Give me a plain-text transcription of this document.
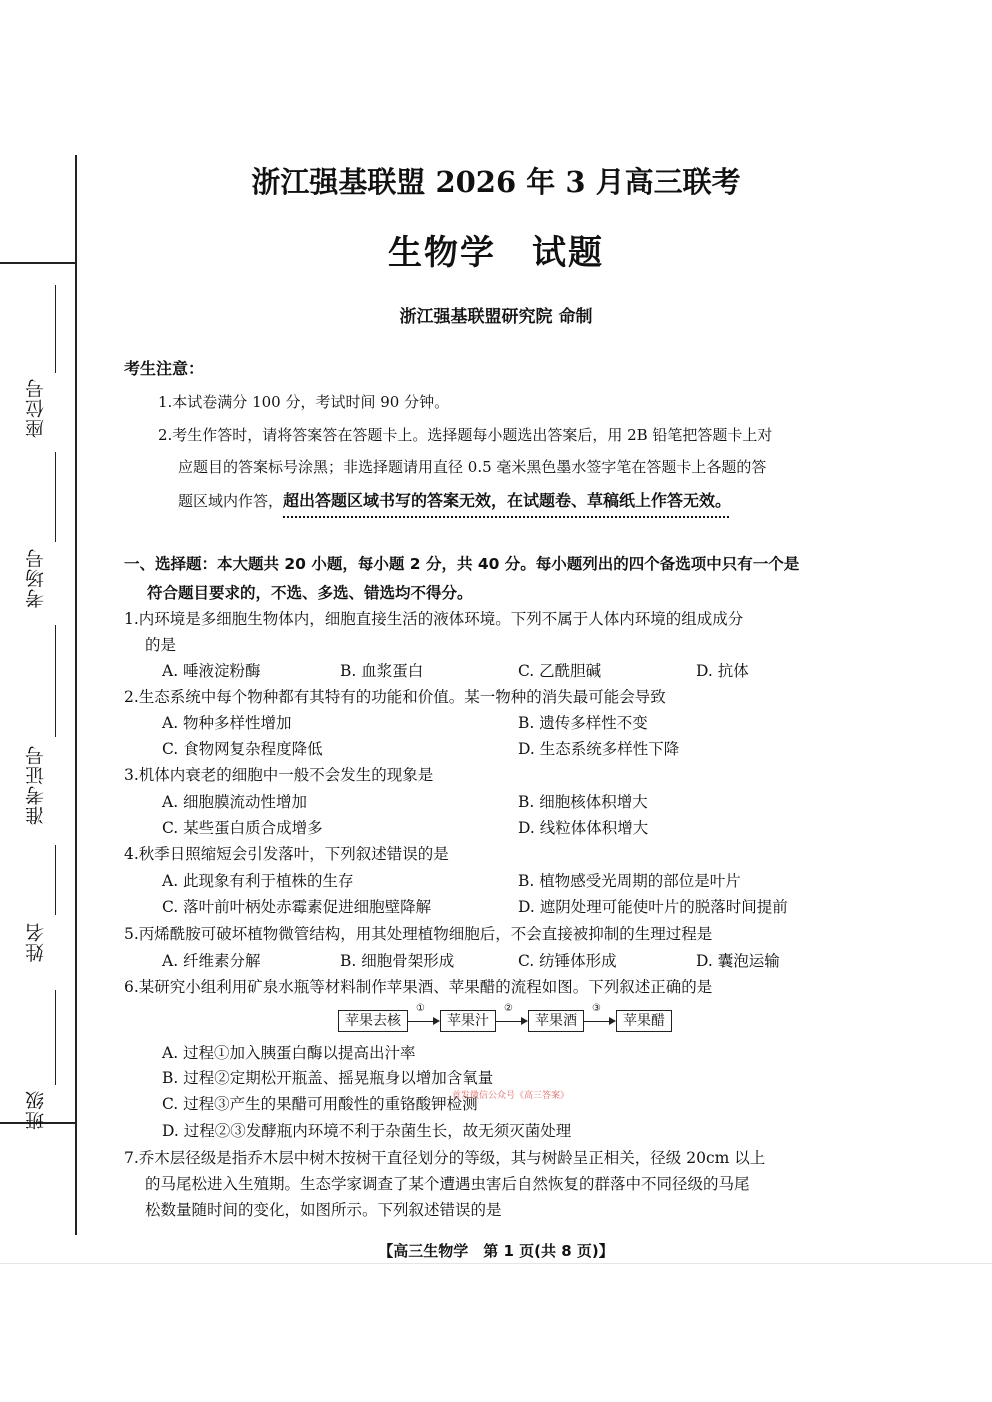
座位号
考场号
准考证号
姓名
班级
浙江强基联盟 2026 年 3 月高三联考
生物学　试题
浙江强基联盟研究院 命制
考生注意：
1.本试卷满分 100 分，考试时间 90 分钟。
2.考生作答时，请将答案答在答题卡上。选择题每小题选出答案后，用 2B 铅笔把答题卡上对
应题目的答案标号涂黑；非选择题请用直径 0.5 毫米黑色墨水签字笔在答题卡上各题的答
题区域内作答，超出答题区域书写的答案无效，在试题卷、草稿纸上作答无效。
一、选择题：本大题共 20 小题，每小题 2 分，共 40 分。每小题列出的四个备选项中只有一个是
符合题目要求的，不选、多选、错选均不得分。
1.内环境是多细胞生物体内，细胞直接生活的液体环境。下列不属于人体内环境的组成成分
的是
A. 唾液淀粉酶	B. 血浆蛋白	C. 乙酰胆碱	D. 抗体
2.生态系统中每个物种都有其特有的功能和价值。某一物种的消失最可能会导致
A. 物种多样性增加	B. 遗传多样性不变
C. 食物网复杂程度降低	D. 生态系统多样性下降
3.机体内衰老的细胞中一般不会发生的现象是
A. 细胞膜流动性增加	B. 细胞核体积增大
C. 某些蛋白质合成增多	D. 线粒体体积增大
4.秋季日照缩短会引发落叶，下列叙述错误的是
A. 此现象有利于植株的生存	B. 植物感受光周期的部位是叶片
C. 落叶前叶柄处赤霉素促进细胞壁降解	D. 遮阴处理可能使叶片的脱落时间提前
5.丙烯酰胺可破坏植物微管结构，用其处理植物细胞后，不会直接被抑制的生理过程是
A. 纤维素分解	B. 细胞骨架形成	C. 纺锤体形成	D. 囊泡运输
6.某研究小组利用矿泉水瓶等材料制作苹果酒、苹果醋的流程如图。下列叙述正确的是
苹果去核
①
苹果汁
②
苹果酒
③
苹果醋
A. 过程①加入胰蛋白酶以提高出汁率
B. 过程②定期松开瓶盖、摇晃瓶身以增加含氧量
C. 过程③产生的果醋可用酸性的重铬酸钾检测
D. 过程②③发酵瓶内环境不利于杂菌生长，故无须灭菌处理
首发微信公众号《高三答案》
7.乔木层径级是指乔木层中树木按树干直径划分的等级，其与树龄呈正相关，径级 20cm 以上
的马尾松进入生殖期。生态学家调查了某个遭遇虫害后自然恢复的群落中不同径级的马尾
松数量随时间的变化，如图所示。下列叙述错误的是
【高三生物学　第 1 页(共 8 页)】
